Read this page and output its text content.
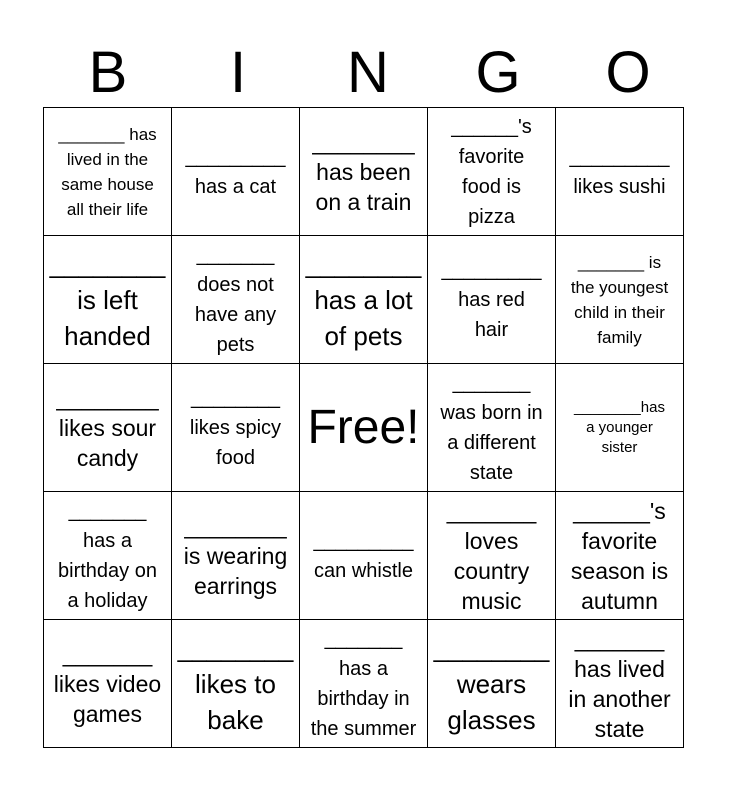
B	I	N	G	O
_______ has
lived in the
same house
all their life	_________
has a cat	________
has been
on a train	______'s
favorite
food is
pizza	_________
likes sushi

________
is left
handed	_______
does not
have any
pets	________
has a lot
of pets	_________
has red
hair	_______ is
the youngest
child in their
family

________
likes sour
candy	________
likes spicy
food	Free!	_______
was born in
a different
state	________has
a younger
sister

_______
has a
birthday on
a holiday	________
is wearing
earrings	_________
can whistle	_______
loves
country
music	______'s
favorite
season is
autumn

_______
likes video
games	________
likes to
bake	_______
has a
birthday in
the summer	________
wears
glasses	_______
has lived
in another
state
